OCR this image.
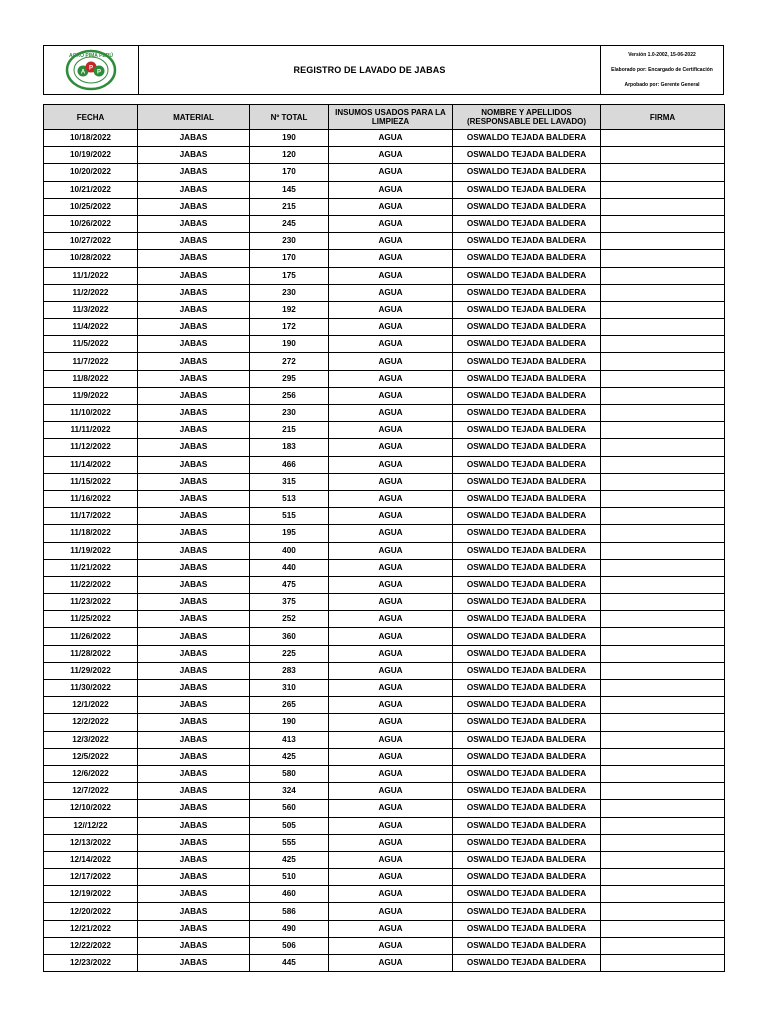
A
P
P
AGRO PIMA PERÚ
REGISTRO DE LAVADO DE JABAS
Versión 1.0-2002, 15-06-2022
Elaborado por: Encargado de Certificación
Arpobado por: Gerente General
FECHA	MATERIAL	Nº TOTAL	INSUMOS USADOS PARA LA LIMPIEZA	NOMBRE Y APELLIDOS (RESPONSABLE DEL LAVADO)	FIRMA
10/18/2022	JABAS	190	AGUA	OSWALDO TEJADA BALDERA	
10/19/2022	JABAS	120	AGUA	OSWALDO TEJADA BALDERA	
10/20/2022	JABAS	170	AGUA	OSWALDO TEJADA BALDERA	
10/21/2022	JABAS	145	AGUA	OSWALDO TEJADA BALDERA	
10/25/2022	JABAS	215	AGUA	OSWALDO TEJADA BALDERA	
10/26/2022	JABAS	245	AGUA	OSWALDO TEJADA BALDERA	
10/27/2022	JABAS	230	AGUA	OSWALDO TEJADA BALDERA	
10/28/2022	JABAS	170	AGUA	OSWALDO TEJADA BALDERA	
11/1/2022	JABAS	175	AGUA	OSWALDO TEJADA BALDERA	
11/2/2022	JABAS	230	AGUA	OSWALDO TEJADA BALDERA	
11/3/2022	JABAS	192	AGUA	OSWALDO TEJADA BALDERA	
11/4/2022	JABAS	172	AGUA	OSWALDO TEJADA BALDERA	
11/5/2022	JABAS	190	AGUA	OSWALDO TEJADA BALDERA	
11/7/2022	JABAS	272	AGUA	OSWALDO TEJADA BALDERA	
11/8/2022	JABAS	295	AGUA	OSWALDO TEJADA BALDERA	
11/9/2022	JABAS	256	AGUA	OSWALDO TEJADA BALDERA	
11/10/2022	JABAS	230	AGUA	OSWALDO TEJADA BALDERA	
11/11/2022	JABAS	215	AGUA	OSWALDO TEJADA BALDERA	
11/12/2022	JABAS	183	AGUA	OSWALDO TEJADA BALDERA	
11/14/2022	JABAS	466	AGUA	OSWALDO TEJADA BALDERA	
11/15/2022	JABAS	315	AGUA	OSWALDO TEJADA BALDERA	
11/16/2022	JABAS	513	AGUA	OSWALDO TEJADA BALDERA	
11/17/2022	JABAS	515	AGUA	OSWALDO TEJADA BALDERA	
11/18/2022	JABAS	195	AGUA	OSWALDO TEJADA BALDERA	
11/19/2022	JABAS	400	AGUA	OSWALDO TEJADA BALDERA	
11/21/2022	JABAS	440	AGUA	OSWALDO TEJADA BALDERA	
11/22/2022	JABAS	475	AGUA	OSWALDO TEJADA BALDERA	
11/23/2022	JABAS	375	AGUA	OSWALDO TEJADA BALDERA	
11/25/2022	JABAS	252	AGUA	OSWALDO TEJADA BALDERA	
11/26/2022	JABAS	360	AGUA	OSWALDO TEJADA BALDERA	
11/28/2022	JABAS	225	AGUA	OSWALDO TEJADA BALDERA	
11/29/2022	JABAS	283	AGUA	OSWALDO TEJADA BALDERA	
11/30/2022	JABAS	310	AGUA	OSWALDO TEJADA BALDERA	
12/1/2022	JABAS	265	AGUA	OSWALDO TEJADA BALDERA	
12/2/2022	JABAS	190	AGUA	OSWALDO TEJADA BALDERA	
12/3/2022	JABAS	413	AGUA	OSWALDO TEJADA BALDERA	
12/5/2022	JABAS	425	AGUA	OSWALDO TEJADA BALDERA	
12/6/2022	JABAS	580	AGUA	OSWALDO TEJADA BALDERA	
12/7/2022	JABAS	324	AGUA	OSWALDO TEJADA BALDERA	
12/10/2022	JABAS	560	AGUA	OSWALDO TEJADA BALDERA	
12//12/22	JABAS	505	AGUA	OSWALDO TEJADA BALDERA	
12/13/2022	JABAS	555	AGUA	OSWALDO TEJADA BALDERA	
12/14/2022	JABAS	425	AGUA	OSWALDO TEJADA BALDERA	
12/17/2022	JABAS	510	AGUA	OSWALDO TEJADA BALDERA	
12/19/2022	JABAS	460	AGUA	OSWALDO TEJADA BALDERA	
12/20/2022	JABAS	586	AGUA	OSWALDO TEJADA BALDERA	
12/21/2022	JABAS	490	AGUA	OSWALDO TEJADA BALDERA	
12/22/2022	JABAS	506	AGUA	OSWALDO TEJADA BALDERA	
12/23/2022	JABAS	445	AGUA	OSWALDO TEJADA BALDERA	
